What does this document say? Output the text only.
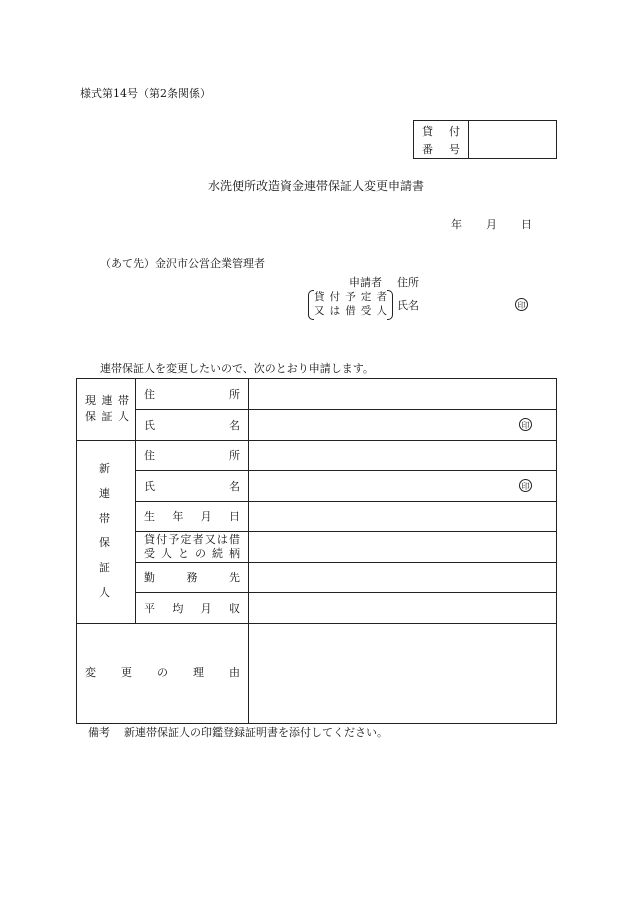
様式第14号（第2条関係）
貸 付
番 号
水洗便所改造資金連帯保証人変更申請書
年 月 日
（あて先）金沢市公営企業管理者
申請者 住所
貸 付 予 定 者
又 は 借 受 人 氏名	印
連帯保証人を変更したいので、次のとおり申請します。
現 連 帯
保 証 人
住	所
氏	名	印
新
連
帯
保
証
人
住	所
氏	名	印
生 年 月 日
貸 付 予 定 者 又 は 借
受 人 と の 続 柄
勤	務	先
平 均 月 収
変 更 の 理 由
備考 新連帯保証人の印鑑登録証明書を添付してください。
